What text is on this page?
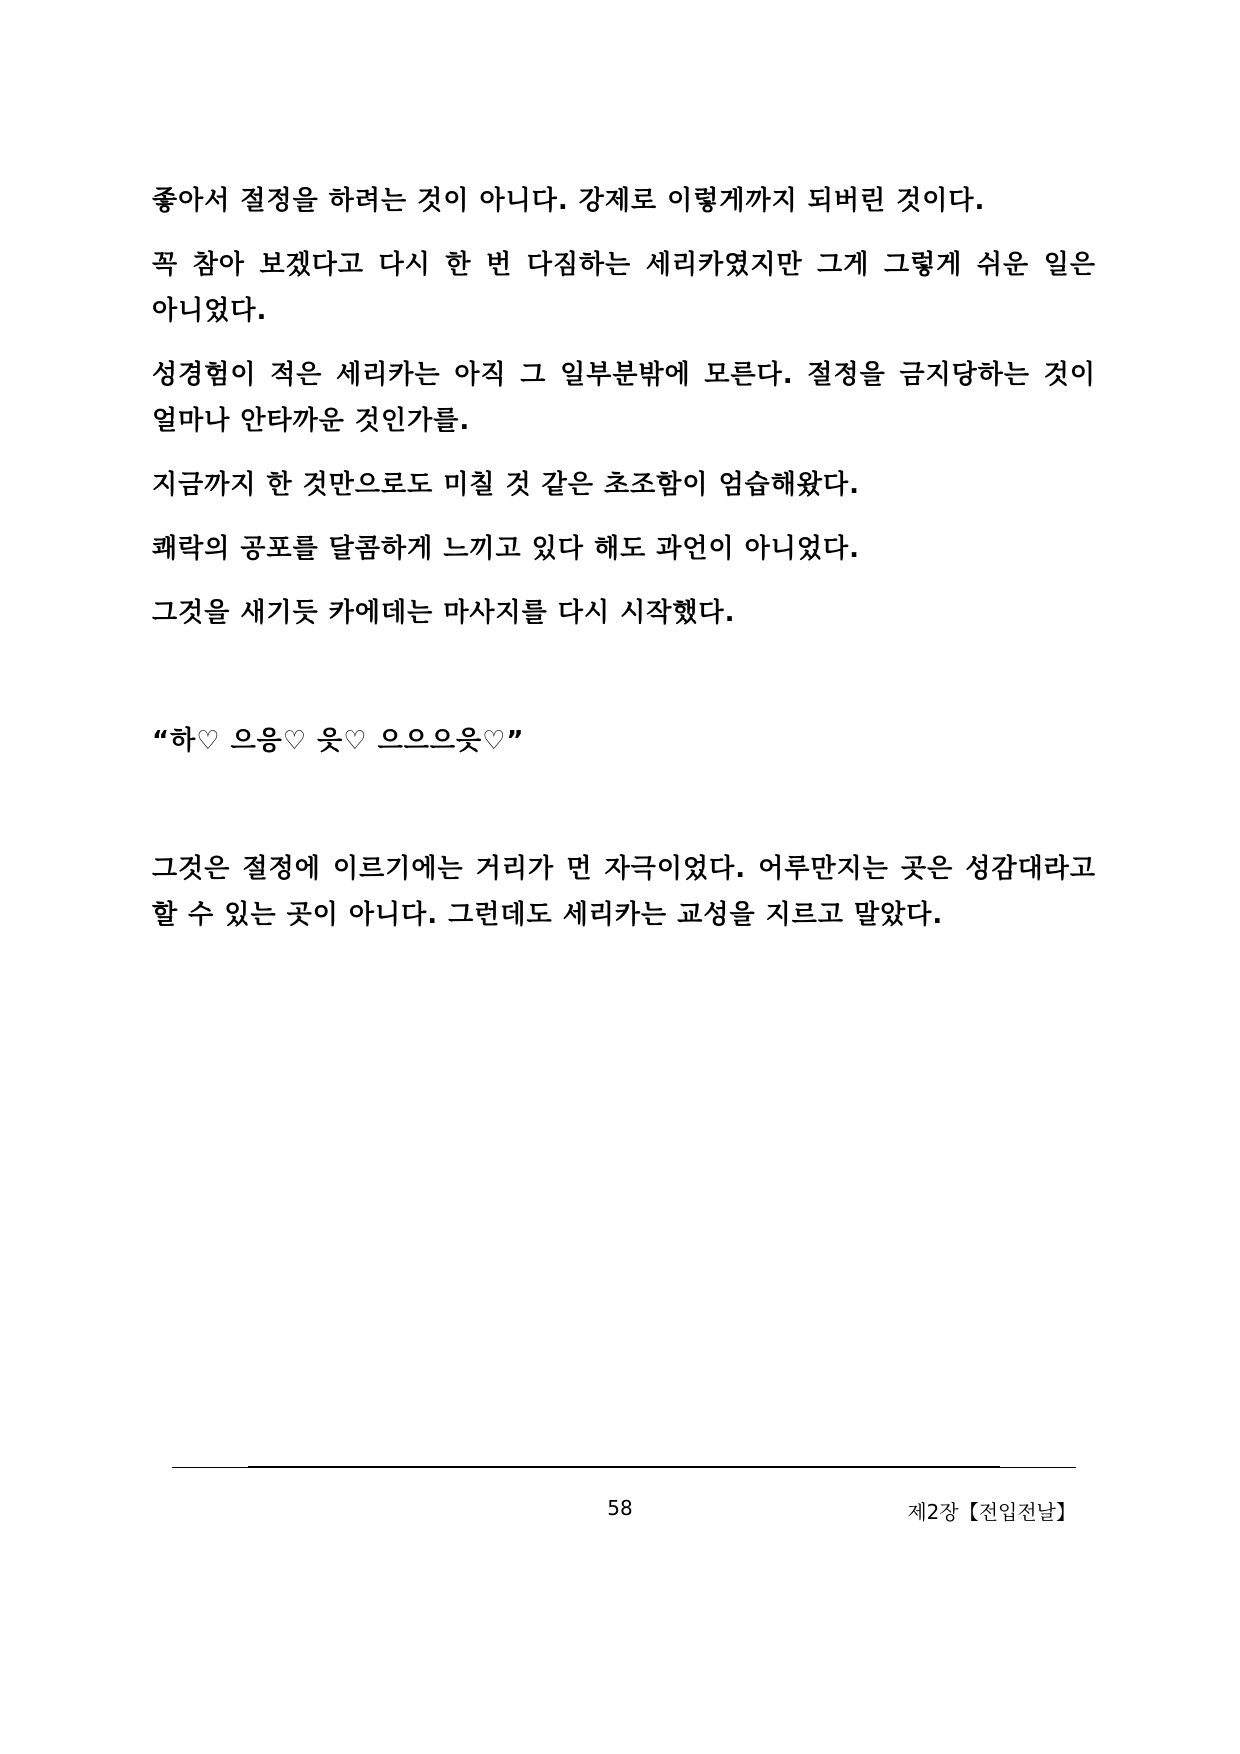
좋아서 절정을 하려는 것이 아니다. 강제로 이렇게까지 되버린 것이다.

꼭 참아 보겠다고 다시 한 번 다짐하는 세리카였지만 그게 그렇게 쉬운 일은 아니었다.

성경험이 적은 세리카는 아직 그 일부분밖에 모른다. 절정을 금지당하는 것이 얼마나 안타까운 것인가를.

지금까지 한 것만으로도 미칠 것 같은 초조함이 엄습해왔다.

쾌락의 공포를 달콤하게 느끼고 있다 해도 과언이 아니었다.

그것을 새기듯 카에데는 마사지를 다시 시작했다.

“하♡ 으응♡ 읏♡ 으으으읏♡”

그것은 절정에 이르기에는 거리가 먼 자극이었다. 어루만지는 곳은 성감대라고 할 수 있는 곳이 아니다. 그런데도 세리카는 교성을 지르고 말았다.

58	제2장【전입전날】
